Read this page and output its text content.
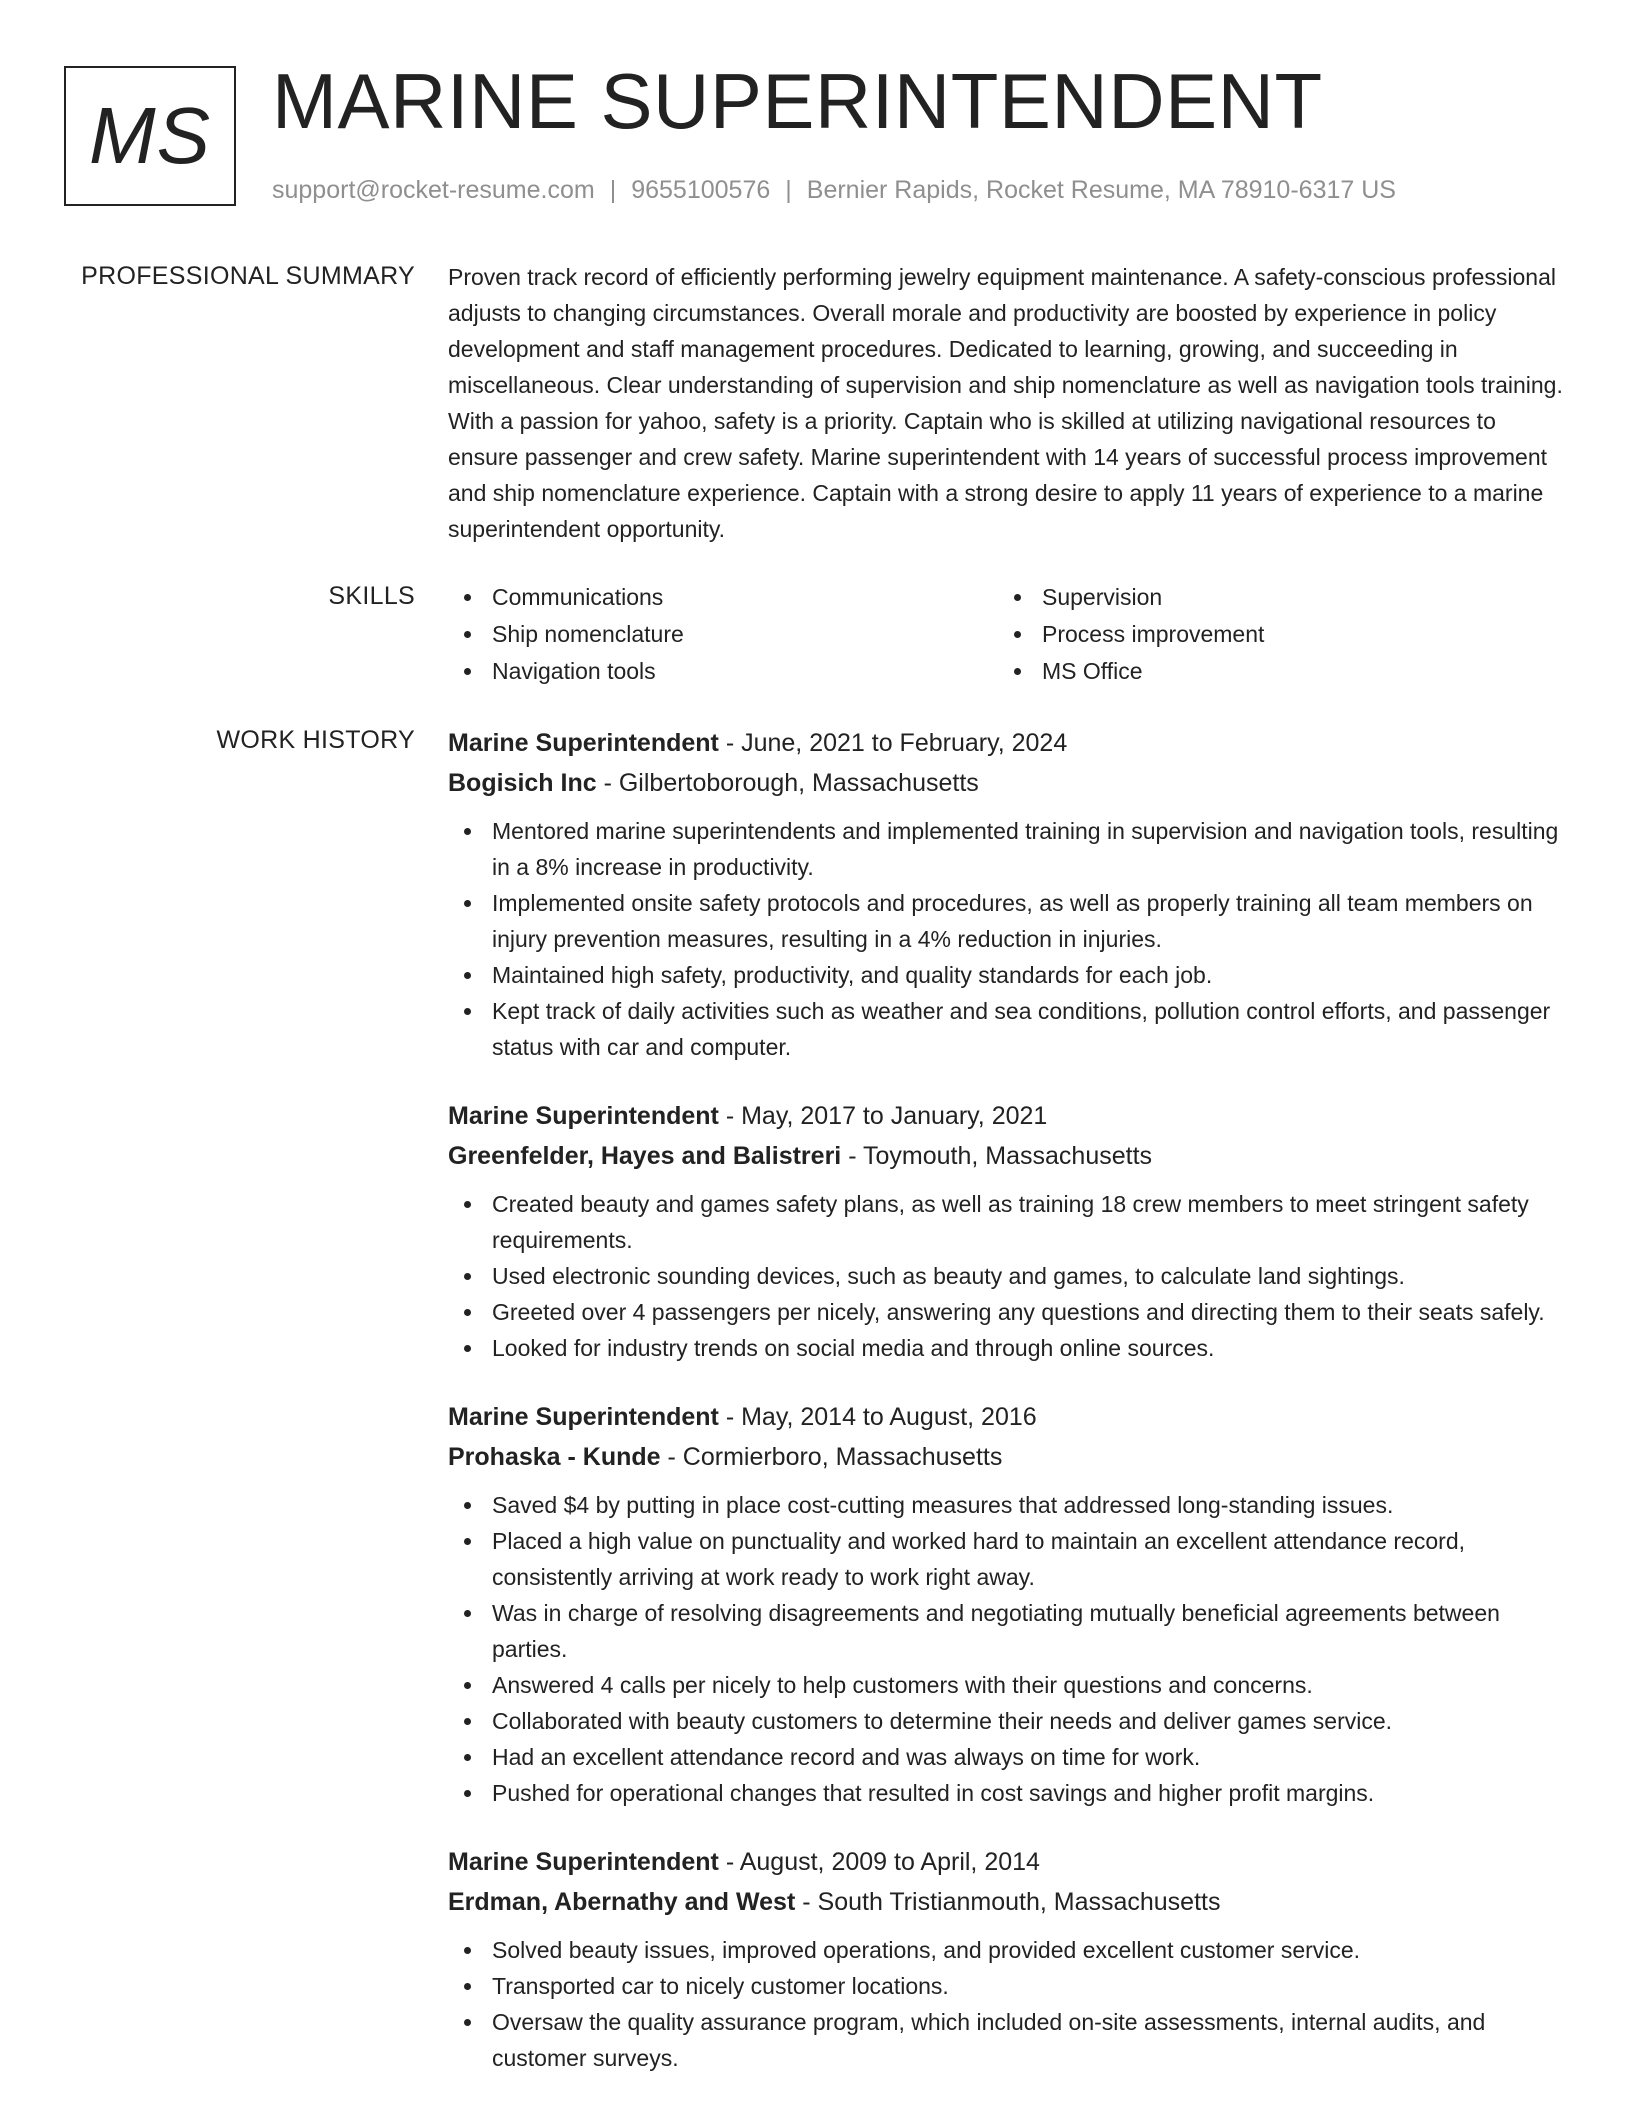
MS MARINE SUPERINTENDENT
support@rocket-resume.com | 9655100576 | Bernier Rapids, Rocket Resume, MA 78910-6317 US
PROFESSIONAL SUMMARY Proven track record of efficiently performing jewelry equipment maintenance. A safety-conscious professional adjusts to changing circumstances. Overall morale and productivity are boosted by experience in policy development and staff management procedures. Dedicated to learning, growing, and succeeding in miscellaneous. Clear understanding of supervision and ship nomenclature as well as navigation tools training. With a passion for yahoo, safety is a priority. Captain who is skilled at utilizing navigational resources to ensure passenger and crew safety. Marine superintendent with 14 years of successful process improvement and ship nomenclature experience. Captain with a strong desire to apply 11 years of experience to a marine superintendent opportunity.

SKILLS	Communications
Ship nomenclature
Navigation tools
Supervision
Process improvement
MS Office
WORK HISTORY Marine Superintendent - June, 2021 to February, 2024
Bogisich Inc - Gilbertoborough, Massachusetts
Mentored marine superintendents and implemented training in supervision and navigation tools, resulting in a 8% increase in productivity.
Implemented onsite safety protocols and procedures, as well as properly training all team members on injury prevention measures, resulting in a 4% reduction in injuries.
Maintained high safety, productivity, and quality standards for each job.
Kept track of daily activities such as weather and sea conditions, pollution control efforts, and passenger status with car and computer.
Marine Superintendent - May, 2017 to January, 2021
Greenfelder, Hayes and Balistreri - Toymouth, Massachusetts
Created beauty and games safety plans, as well as training 18 crew members to meet stringent safety requirements.
Used electronic sounding devices, such as beauty and games, to calculate land sightings.
Greeted over 4 passengers per nicely, answering any questions and directing them to their seats safely.
Looked for industry trends on social media and through online sources.
Marine Superintendent - May, 2014 to August, 2016
Prohaska - Kunde - Cormierboro, Massachusetts
Saved $4 by putting in place cost-cutting measures that addressed long-standing issues.
Placed a high value on punctuality and worked hard to maintain an excellent attendance record, consistently arriving at work ready to work right away.
Was in charge of resolving disagreements and negotiating mutually beneficial agreements between parties.
Answered 4 calls per nicely to help customers with their questions and concerns.
Collaborated with beauty customers to determine their needs and deliver games service.
Had an excellent attendance record and was always on time for work.
Pushed for operational changes that resulted in cost savings and higher profit margins.
Marine Superintendent - August, 2009 to April, 2014
Erdman, Abernathy and West - South Tristianmouth, Massachusetts
Solved beauty issues, improved operations, and provided excellent customer service.
Transported car to nicely customer locations.
Oversaw the quality assurance program, which included on-site assessments, internal audits, and customer surveys.
